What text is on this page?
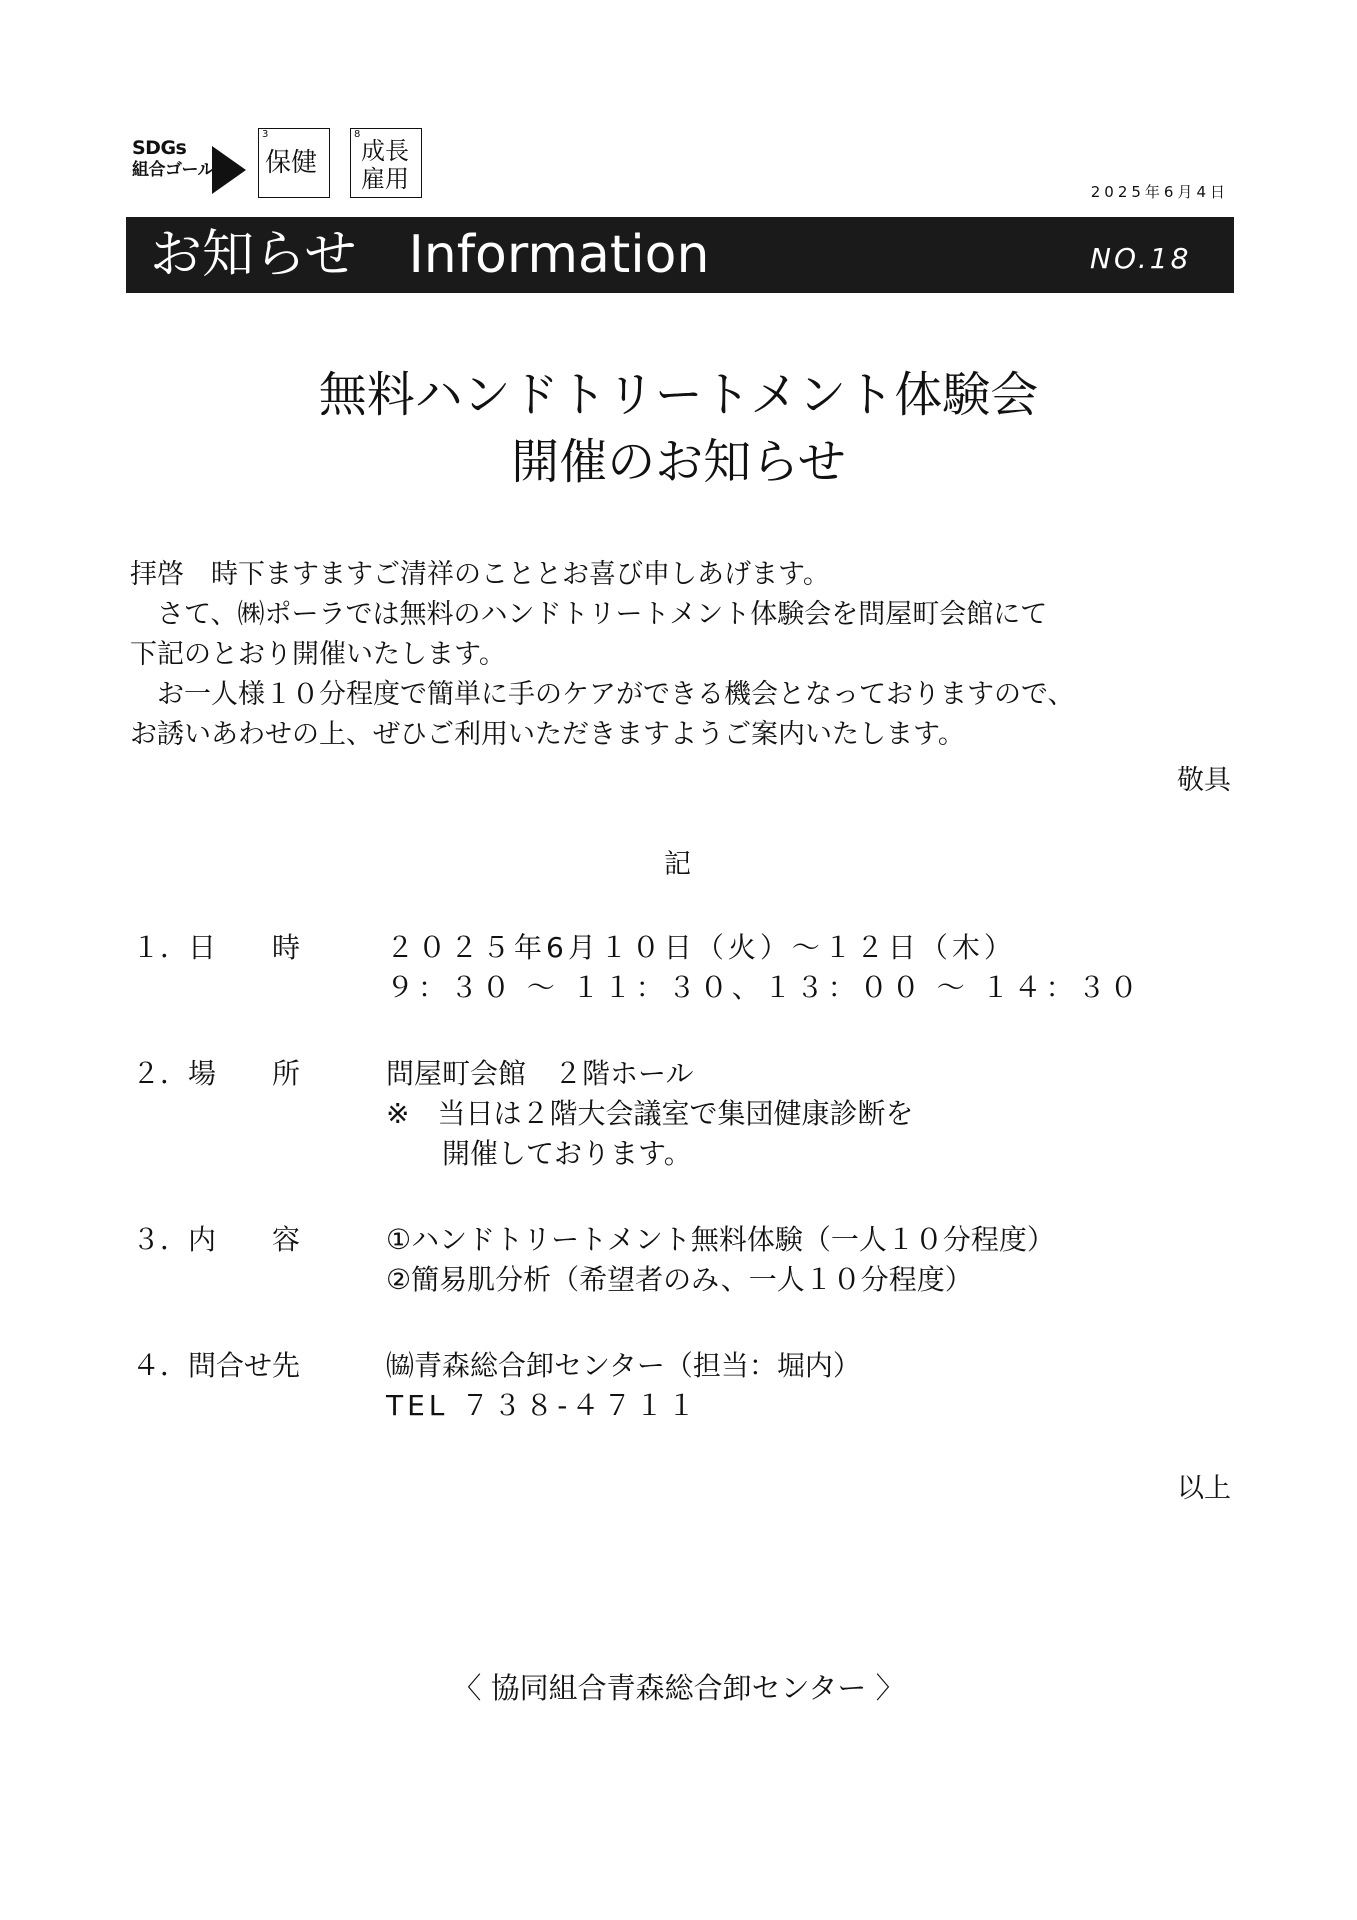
SDGs
組合ゴール
3
保健
8
成長
雇用	2025年6月4日
お知らせ　Information	NO.18
無料ハンドトリートメント体験会
開催のお知らせ
拝啓　時下ますますご清祥のこととお喜び申しあげます。
　さて、㈱ポーラでは無料のハンドトリートメント体験会を問屋町会館にて
下記のとおり開催いたします。
　お一人様１０分程度で簡単に手のケアができる機会となっておりますので、
お誘いあわせの上、ぜひご利用いただきますようご案内いたします。
敬具
記
１．日　　時	２０２５年6月１０日（火）～１２日（木）
９：３０ ～ １１：３０、１３：００ ～ １４：３０
２．場　　所	問屋町会館　２階ホール
※　当日は２階大会議室で集団健康診断を
　　開催しております。
３．内　　容	①ハンドトリートメント無料体験（一人１０分程度）
②簡易肌分析（希望者のみ、一人１０分程度）
４．問合せ先	㈿青森総合卸センター（担当：堀内）
TEL ７３８-４７１１
以上
〈 協同組合青森総合卸センター 〉
